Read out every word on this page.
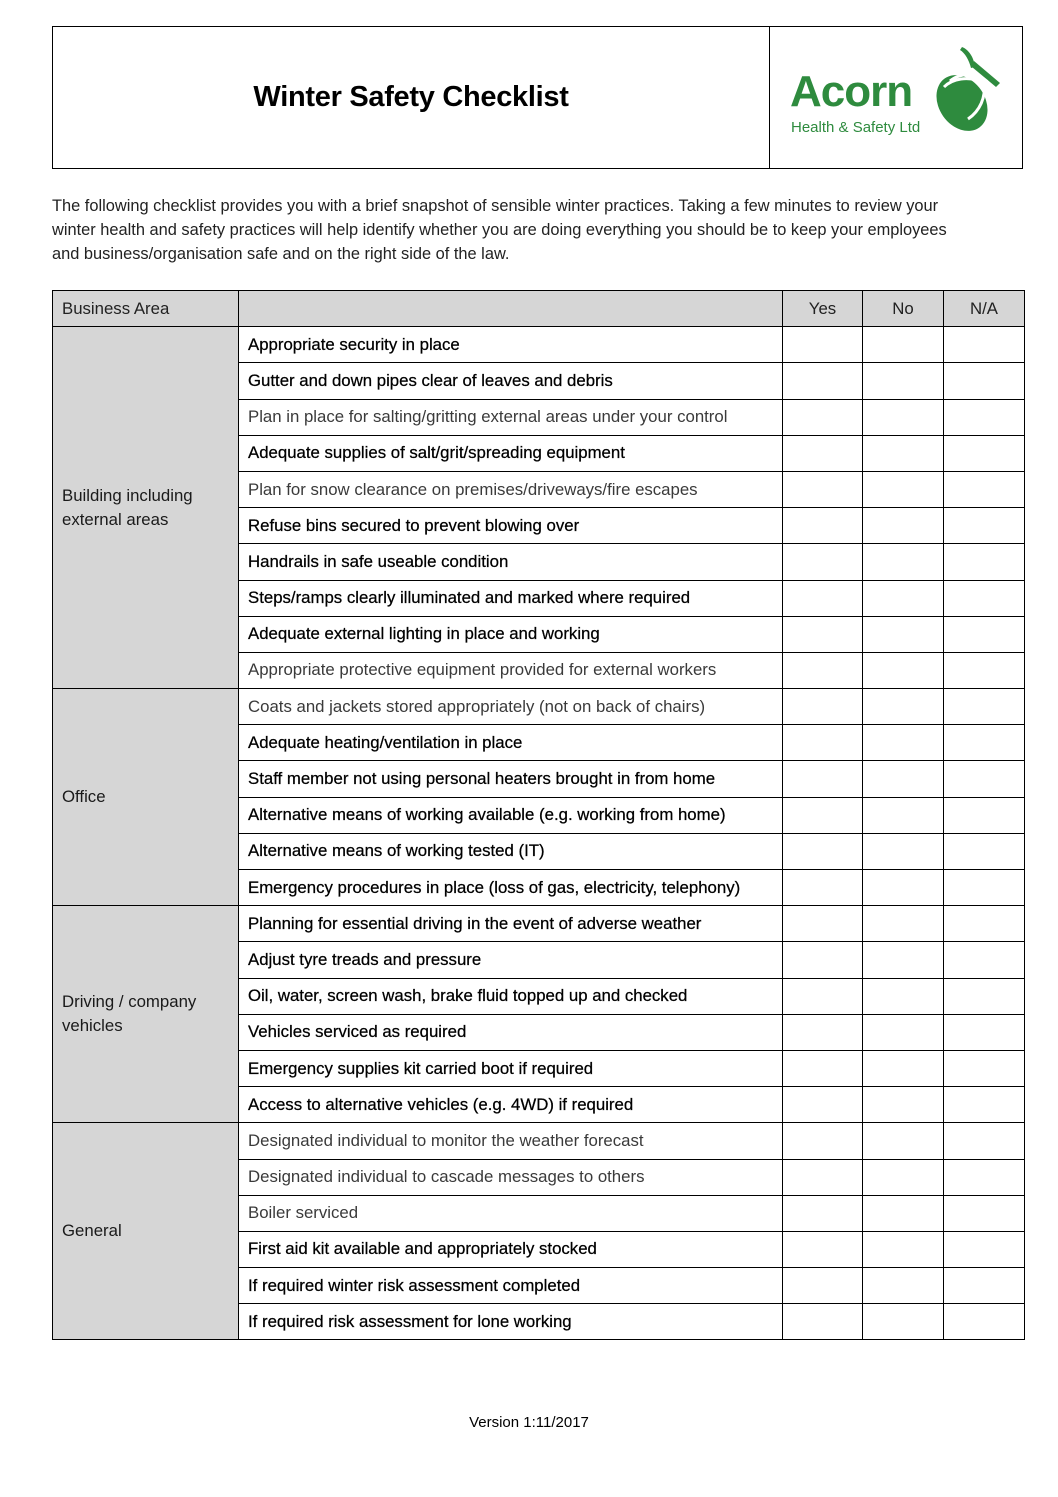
Winter Safety Checklist	Acorn
Health & Safety Ltd

The following checklist provides you with a brief snapshot of sensible winter practices. Taking a few minutes to review your winter health and safety practices will help identify whether you are doing everything you should be to keep your employees and business/organisation safe and on the right side of the law.

Business Area		Yes	No	N/A
Building including external areas	Appropriate security in place			
	Gutter and down pipes clear of leaves and debris			
	Plan in place for salting/gritting external areas under your control			
	Adequate supplies of salt/grit/spreading equipment			
	Plan for snow clearance on premises/driveways/fire escapes			
	Refuse bins secured to prevent blowing over			
	Handrails in safe useable condition			
	Steps/ramps clearly illuminated and marked where required			
	Adequate external lighting in place and working			
	Appropriate protective equipment provided for external workers			
Office	Coats and jackets stored appropriately (not on back of chairs)			
	Adequate heating/ventilation in place			
	Staff member not using personal heaters brought in from home			
	Alternative means of working available (e.g. working from home)			
	Alternative means of working tested (IT)			
	Emergency procedures in place (loss of gas, electricity, telephony)			
Driving / company vehicles	Planning for essential driving in the event of adverse weather			
	Adjust tyre treads and pressure			
	Oil, water, screen wash, brake fluid topped up and checked			
	Vehicles serviced as required			
	Emergency supplies kit carried boot if required			
	Access to alternative vehicles (e.g. 4WD) if required			
General	Designated individual to monitor the weather forecast			
	Designated individual to cascade messages to others			
	Boiler serviced			
	First aid kit available and appropriately stocked			
	If required winter risk assessment completed			
	If required risk assessment for lone working			
Version 1:11/2017
